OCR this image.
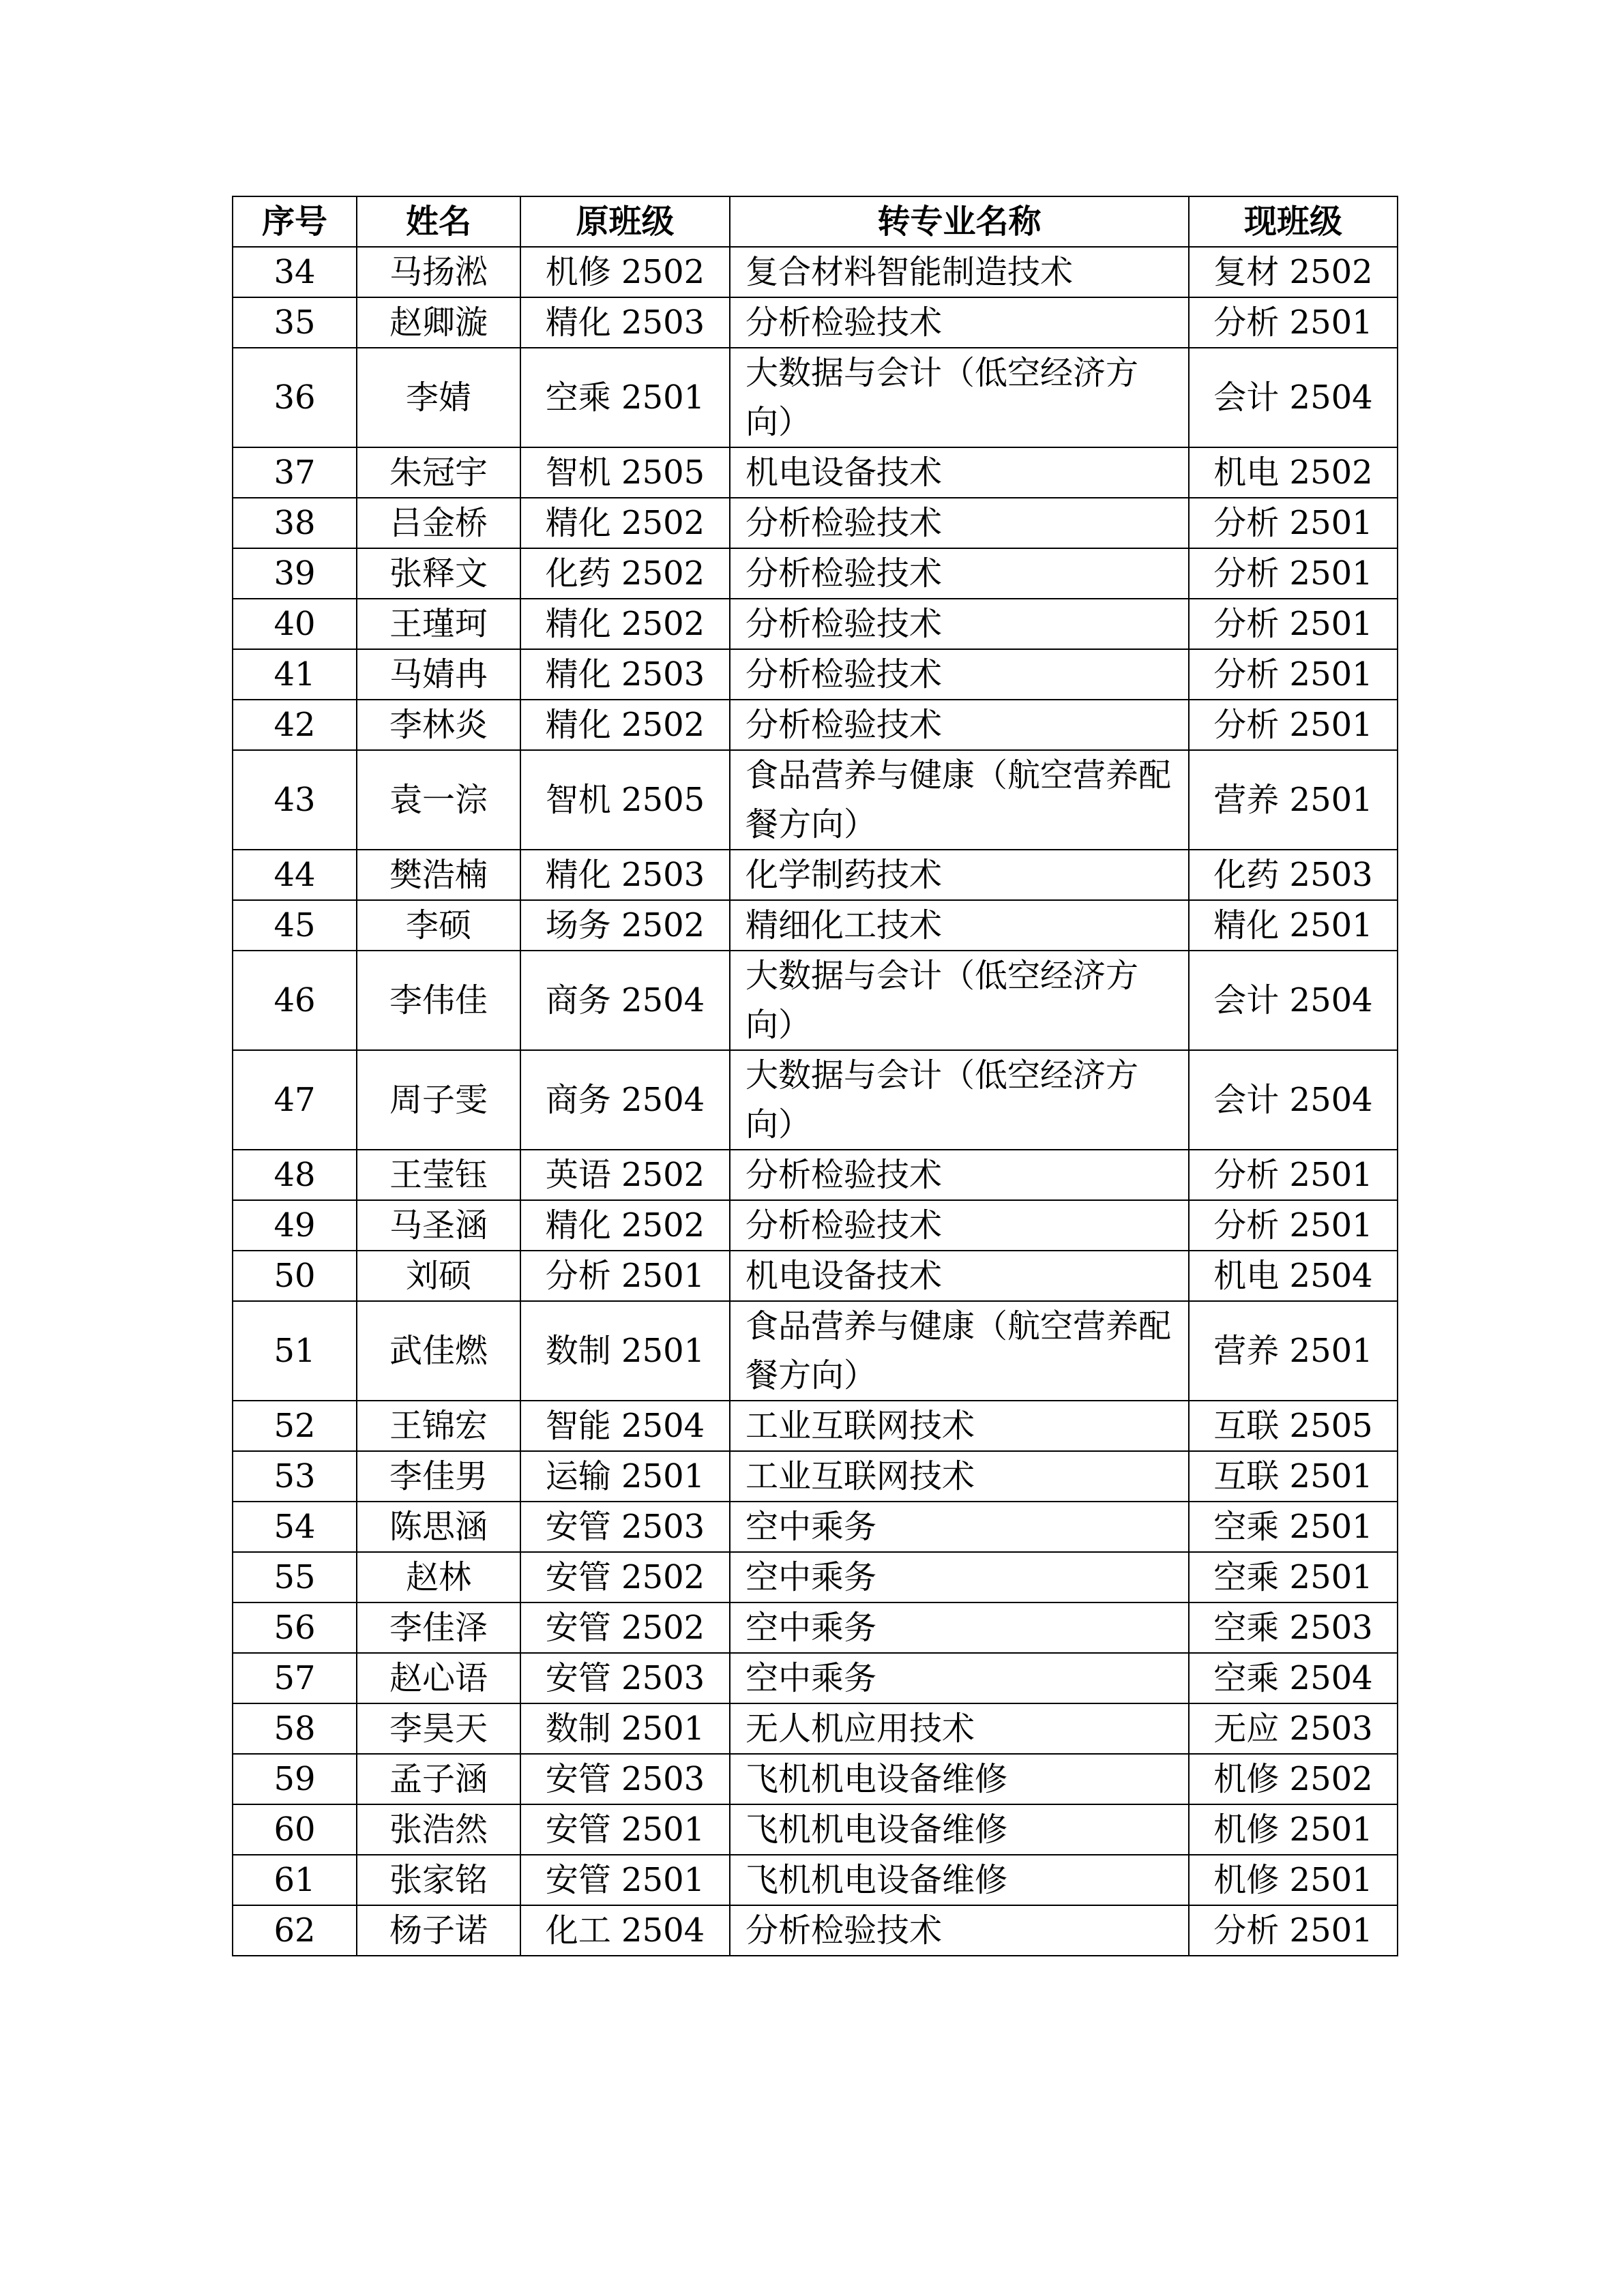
序号	姓名	原班级	转专业名称	现班级
34	马扬淞	机修 2502	复合材料智能制造技术	复材 2502
35	赵卿漩	精化 2503	分析检验技术	分析 2501
36	李婧	空乘 2501	大数据与会计（低空经济方向）	会计 2504
37	朱冠宇	智机 2505	机电设备技术	机电 2502
38	吕金桥	精化 2502	分析检验技术	分析 2501
39	张释文	化药 2502	分析检验技术	分析 2501
40	王瑾珂	精化 2502	分析检验技术	分析 2501
41	马婧冉	精化 2503	分析检验技术	分析 2501
42	李林炎	精化 2502	分析检验技术	分析 2501
43	袁一淙	智机 2505	食品营养与健康（航空营养配餐方向）	营养 2501
44	樊浩楠	精化 2503	化学制药技术	化药 2503
45	李硕	场务 2502	精细化工技术	精化 2501
46	李伟佳	商务 2504	大数据与会计（低空经济方向）	会计 2504
47	周子雯	商务 2504	大数据与会计（低空经济方向）	会计 2504
48	王莹钰	英语 2502	分析检验技术	分析 2501
49	马圣涵	精化 2502	分析检验技术	分析 2501
50	刘硕	分析 2501	机电设备技术	机电 2504
51	武佳燃	数制 2501	食品营养与健康（航空营养配餐方向）	营养 2501
52	王锦宏	智能 2504	工业互联网技术	互联 2505
53	李佳男	运输 2501	工业互联网技术	互联 2501
54	陈思涵	安管 2503	空中乘务	空乘 2501
55	赵林	安管 2502	空中乘务	空乘 2501
56	李佳泽	安管 2502	空中乘务	空乘 2503
57	赵心语	安管 2503	空中乘务	空乘 2504
58	李昊天	数制 2501	无人机应用技术	无应 2503
59	孟子涵	安管 2503	飞机机电设备维修	机修 2502
60	张浩然	安管 2501	飞机机电设备维修	机修 2501
61	张家铭	安管 2501	飞机机电设备维修	机修 2501
62	杨子诺	化工 2504	分析检验技术	分析 2501
